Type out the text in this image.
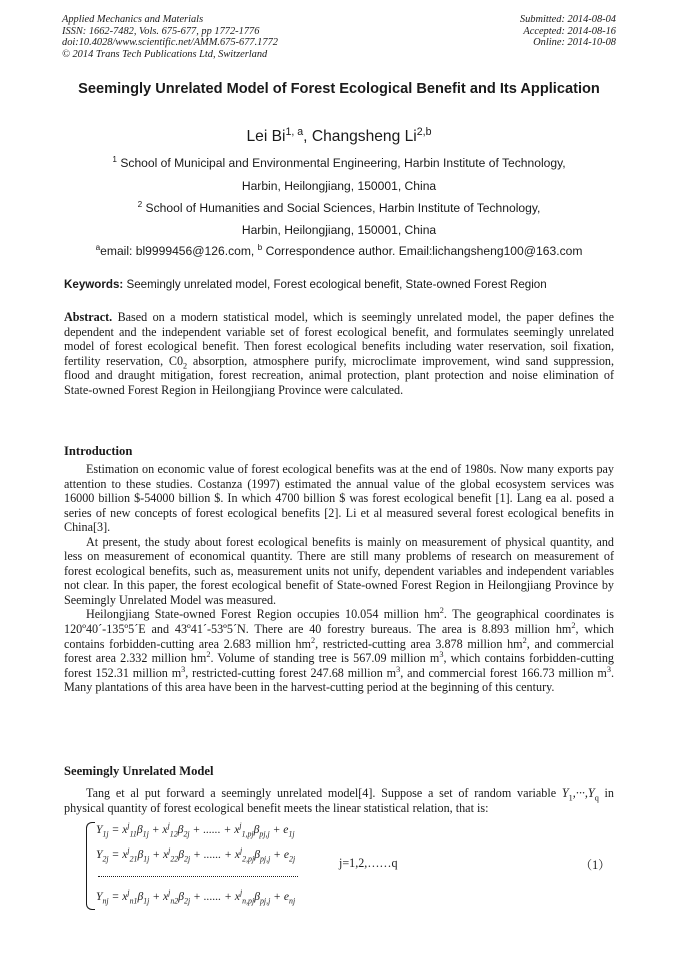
Applied Mechanics and Materials
ISSN: 1662-7482, Vols. 675-677, pp 1772-1776
doi:10.4028/www.scientific.net/AMM.675-677.1772
© 2014 Trans Tech Publications Ltd, Switzerland
Submitted: 2014-08-04
Accepted: 2014-08-16
Online: 2014-10-08
Seemingly Unrelated Model of Forest Ecological Benefit and Its Application
Lei Bi$^{1, a}$, Changsheng Li$^{2,b}$
$^1$ School of Municipal and Environmental Engineering, Harbin Institute of Technology,
Harbin, Heilongjiang, 150001, China
$^2$ School of Humanities and Social Sciences, Harbin Institute of Technology,
Harbin, Heilongjiang, 150001, China
$^a$email: bl9999456@126.com, $^b$ Correspondence author. Email:lichangsheng100@163.com
Keywords: Seemingly unrelated model, Forest ecological benefit, State-owned Forest Region
Abstract. Based on a modern statistical model, which is seemingly unrelated model, the paper defines the dependent and the independent variable set of forest ecological benefit, and formulates seemingly unrelated model of forest ecological benefit. Then forest ecological benefits including water reservation, soil fixation, fertility reservation, $C0_2$ absorption, atmosphere purify, microclimate improvement, wind sand suppression, flood and draught mitigation, forest recreation, animal protection, plant protection and noise elimination of State-owned Forest Region in Heilongjiang Province were calculated.
Introduction

Estimation on economic value of forest ecological benefits was at the end of 1980s. Now many exports pay attention to these studies. Costanza (1997) estimated the annual value of the global ecosystem services was 16000 billion $-54000 billion $. In which 4700 billion $ was forest ecological benefit [1]. Lang ea al. posed a series of new concepts of forest ecological benefits [2]. Li et al measured several forest ecological benefits in China[3].

At present, the study about forest ecological benefits is mainly on measurement of physical quantity, and less on measurement of economical quantity. There are still many problems of research on measurement of forest ecological benefits, such as, measurement units not unify, dependent variables and independent variables not clear. In this paper, the forest ecological benefit of State-owned Forest Region in Heilongjiang Province by Seemingly Unrelated Model was measured.

Heilongjiang State-owned Forest Region occupies 10.054 million $hm^2$. The geographical coordinates is 120º40´-135º5´E and 43º41´-53º5´N. There are 40 forestry bureaus. The area is 8.893 million $hm^2$, which contains forbidden-cutting area 2.683 million $hm^2$, restricted-cutting area 3.878 million $hm^2$, and commercial forest area 2.332 million $hm^2$. Volume of standing tree is 567.09 million $m^3$, which contains forbidden-cutting forest 152.31 million $m^3$, restricted-cutting forest 247.68 million $m^3$, and commercial forest 166.73 million $m^3$. Many plantations of this area have been in the harvest-cutting period at the beginning of this century.

Seemingly Unrelated Model

Tang et al put forward a seemingly unrelated model[4]. Suppose a set of random variable $Y_1,\cdot\cdot\cdot,Y_q$ in physical quantity of forest ecological benefit meets the linear statistical relation, that is:

$Y_{1j} = x^j_{11}\beta_{1j} + x^j_{12}\beta_{2j}$ + ...... + $x^j_{1,pj}\beta_{pj,j} + e_{1j}$
$Y_{2j} = x^j_{21}\beta_{1j} + x^j_{22}\beta_{2j}$ + ...... + $x^j_{2,pj}\beta_{pj,j} + e_{2j}$
$Y_{nj} = x^j_{n1}\beta_{1j} + x^j_{n2}\beta_{2j}$ + ...... + $x^j_{n,pj}\beta_{pj,j} + e_{nj}$
j=1,2,……q	（1）
